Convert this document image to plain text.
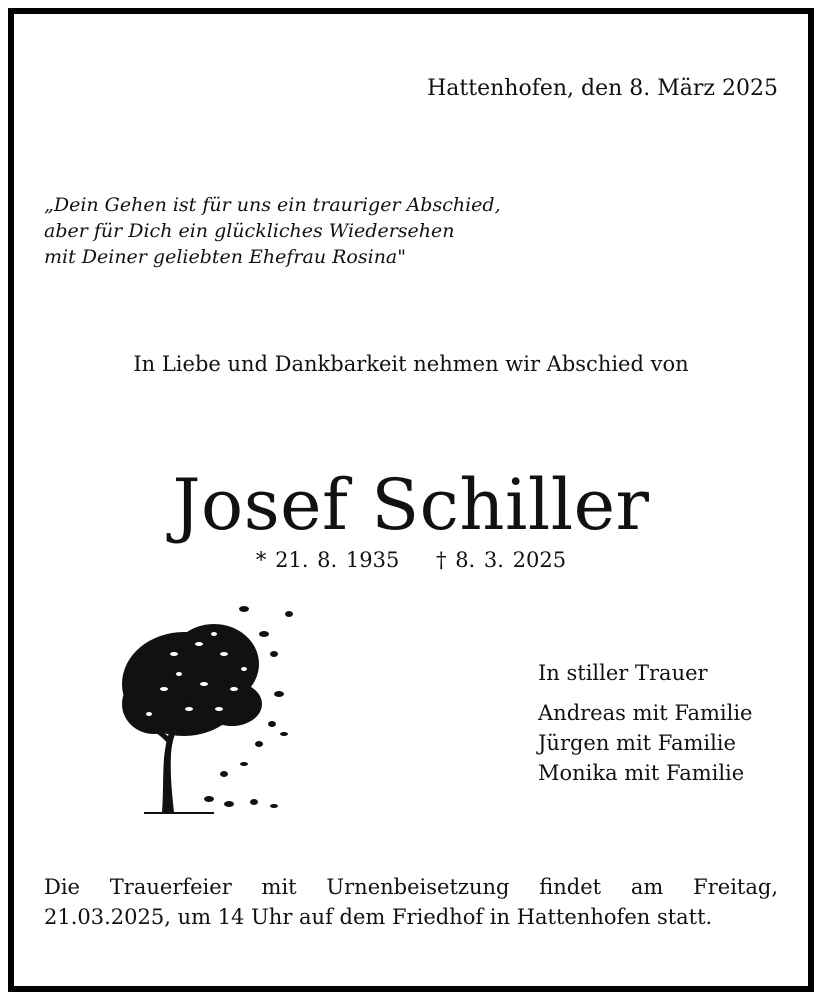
Hattenhofen, den 8. März 2025
„Dein Gehen ist für uns ein trauriger Abschied,
aber für Dich ein glückliches Wiedersehen
mit Deiner geliebten Ehefrau Rosina"
In Liebe und Dankbarkeit nehmen wir Abschied von
Josef Schiller
* 21. 8. 1935 † 8. 3. 2025
In stiller Trauer
Andreas mit Familie
Jürgen mit Familie
Monika mit Familie
Die Trauerfeier mit Urnenbeisetzung findet am Freitag,
21.03.2025, um 14 Uhr auf dem Friedhof in Hattenhofen statt.
